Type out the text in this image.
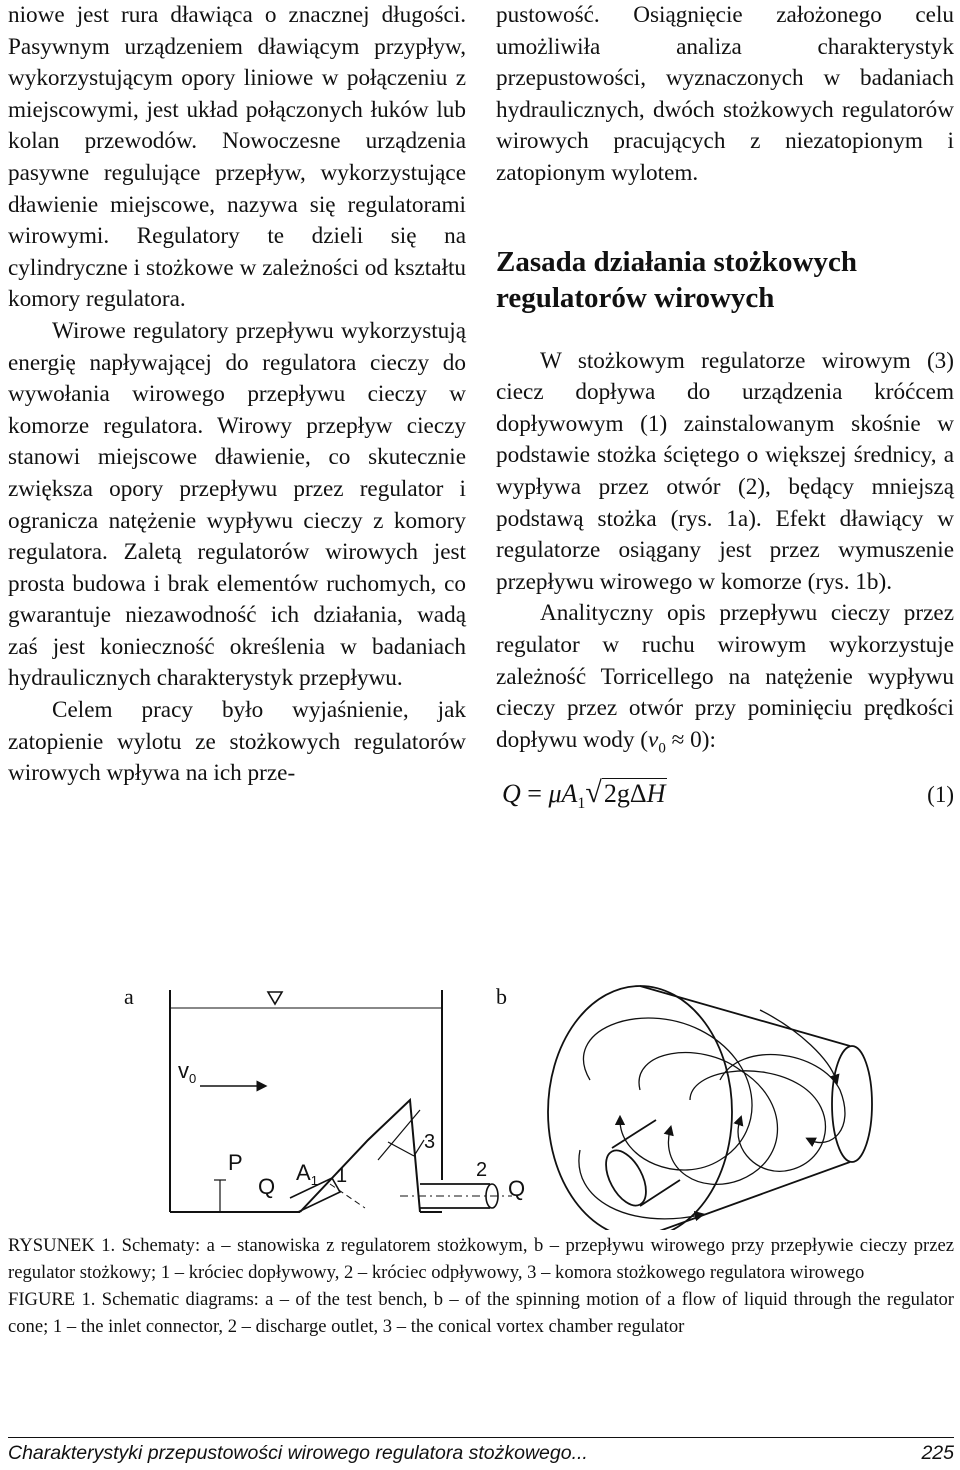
niowe jest rura dławiąca o znacznej długości. Pasywnym urządzeniem dławiącym przypływ, wykorzystującym opory liniowe w połączeniu z miejscowymi, jest układ połączonych łuków lub kolan przewodów. Nowoczesne urządzenia pasywne regulujące przepływ, wykorzystujące dławienie miejscowe, nazywa się regulatorami wirowymi. Regulatory te dzieli się na cylindryczne i stożkowe w zależności od kształtu komory regulatora.

Wirowe regulatory przepływu wykorzystują energię napływającej do regulatora cieczy do wywołania wirowego przepływu cieczy w komorze regulatora. Wirowy przepływ cieczy stanowi miejscowe dławienie, co skutecznie zwiększa opory przepływu przez regulator i ogranicza natężenie wypływu cieczy z komory regulatora. Zaletą regulatorów wirowych jest prosta budowa i brak elementów ruchomych, co gwarantuje niezawodność ich działania, wadą zaś jest konieczność określenia w badaniach hydraulicznych charakterystyk przepływu.

Celem pracy było wyjaśnienie, jak zatopienie wylotu ze stożkowych regulatorów wirowych wpływa na ich prze-

pustowość. Osiągnięcie założonego celu umożliwiła analiza charakterystyk przepustowości, wyznaczonych w badaniach hydraulicznych, dwóch stożkowych regulatorów wirowych pracujących z niezatopionym i zatopionym wylotem.

Zasada działania stożkowych regulatorów wirowych

W stożkowym regulatorze wirowym (3) ciecz dopływa do urządzenia króćcem dopływowym (1) zainstalowanym skośnie w podstawie stożka ściętego o większej średnicy, a wypływa przez otwór (2), będący mniejszą podstawą stożka (rys. 1a). Efekt dławiący w regulatorze osiągany jest przez wymuszenie przepływu wirowego w komorze (rys. 1b).

Analityczny opis przepływu cieczy przez regulator w ruchu wirowym wykorzystuje zależność Torricellego na natężenie wypływu cieczy przez otwór przy pominięciu prędkości dopływu wody $(v_0 \approx 0)$:

$Q = \mu A_1√2g\Delta H$	(1)
a
$v_0$
P
Q
$A_1$ 1
3
2
Q
b

RYSUNEK 1. Schematy: a – stanowiska z regulatorem stożkowym, b – przepływu wirowego przy przepływie cieczy przez regulator stożkowy; 1 – króciec dopływowy, 2 – króciec odpływowy, 3 – komora stożkowego regulatora wirowego

FIGURE 1. Schematic diagrams: a – of the test bench, b – of the spinning motion of a flow of liquid through the regulator cone; 1 – the inlet connector, 2 – discharge outlet, 3 – the conical vortex chamber regulator

Charakterystyki przepustowości wirowego regulatora stożkowego...	225
